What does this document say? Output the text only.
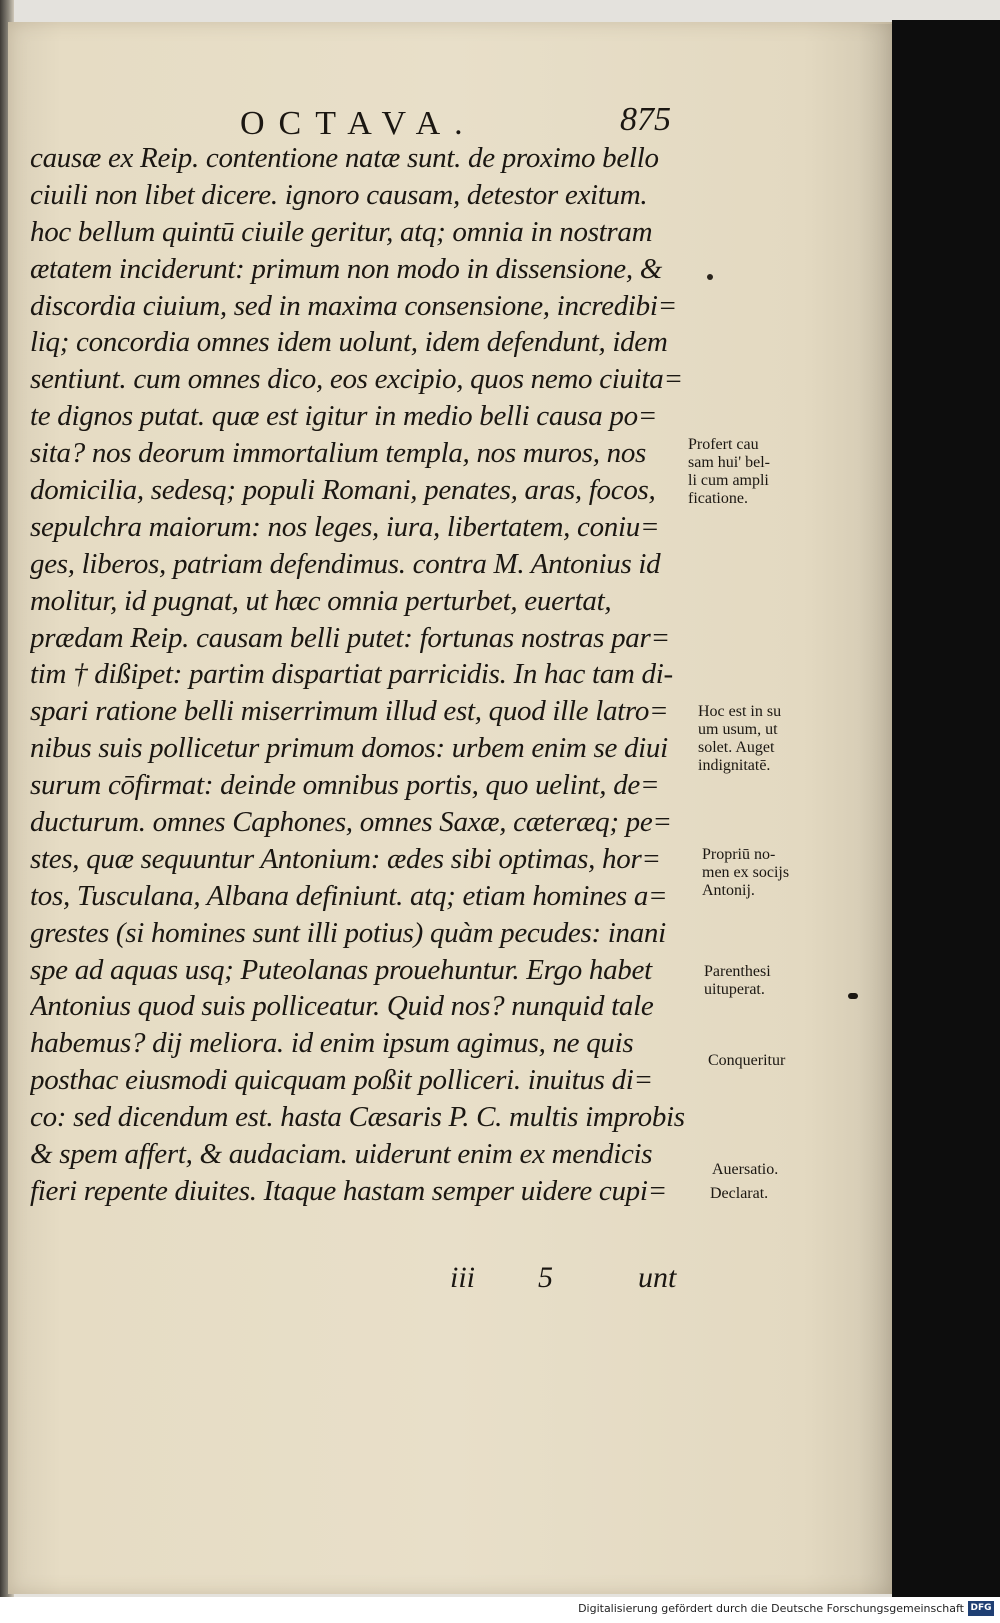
OCTAVA.	875
causæ ex Reip. contentione natæ sunt. de proximo bello
ciuili non libet dicere. ignoro causam, detestor exitum.
hoc bellum quintū ciuile geritur, atq; omnia in nostram
ætatem inciderunt: primum non modo in dissensione, &
discordia ciuium, sed in maxima consensione, incredibi=
liq; concordia omnes idem uolunt, idem defendunt, idem
sentiunt. cum omnes dico, eos excipio, quos nemo ciuita=
te dignos putat. quæ est igitur in medio belli causa po=
sita? nos deorum immortalium templa, nos muros, nos
domicilia, sedesq; populi Romani, penates, aras, focos,
sepulchra maiorum: nos leges, iura, libertatem, coniu=
ges, liberos, patriam defendimus. contra M. Antonius id
molitur, id pugnat, ut hæc omnia perturbet, euertat,
prædam Reip. causam belli putet: fortunas nostras par=
tim † dißipet: partim dispartiat parricidis. In hac tam di-
spari ratione belli miserrimum illud est, quod ille latro=
nibus suis pollicetur primum domos: urbem enim se diui
surum cōfirmat: deinde omnibus portis, quo uelint, de=
ducturum. omnes Caphones, omnes Saxæ, cæteræq; pe=
stes, quæ sequuntur Antonium: ædes sibi optimas, hor=
tos, Tusculana, Albana definiunt. atq; etiam homines a=
grestes (si homines sunt illi potius) quàm pecudes: inani
spe ad aquas usq; Puteolanas prouehuntur. Ergo habet
Antonius quod suis polliceatur. Quid nos? nunquid tale
habemus? dij meliora. id enim ipsum agimus, ne quis
posthac eiusmodi quicquam poßit polliceri. inuitus di=
co: sed dicendum est. hasta Cæsaris P. C. multis improbis
& spem affert, & audaciam. uiderunt enim ex mendicis
fieri repente diuites. Itaque hastam semper uidere cupi=
iii 5	unt
Profert cau
sam hui' bel-
li cum ampli
ficatione.
Hoc est in su
um usum, ut
solet. Auget
indignitatē.
Propriū no-
men ex socijs
Antonij.
Parenthesi
uituperat.
Conqueritur
Auersatio.
Declarat.
Digitalisierung gefördert durch die Deutsche Forschungsgemeinschaft DFG
